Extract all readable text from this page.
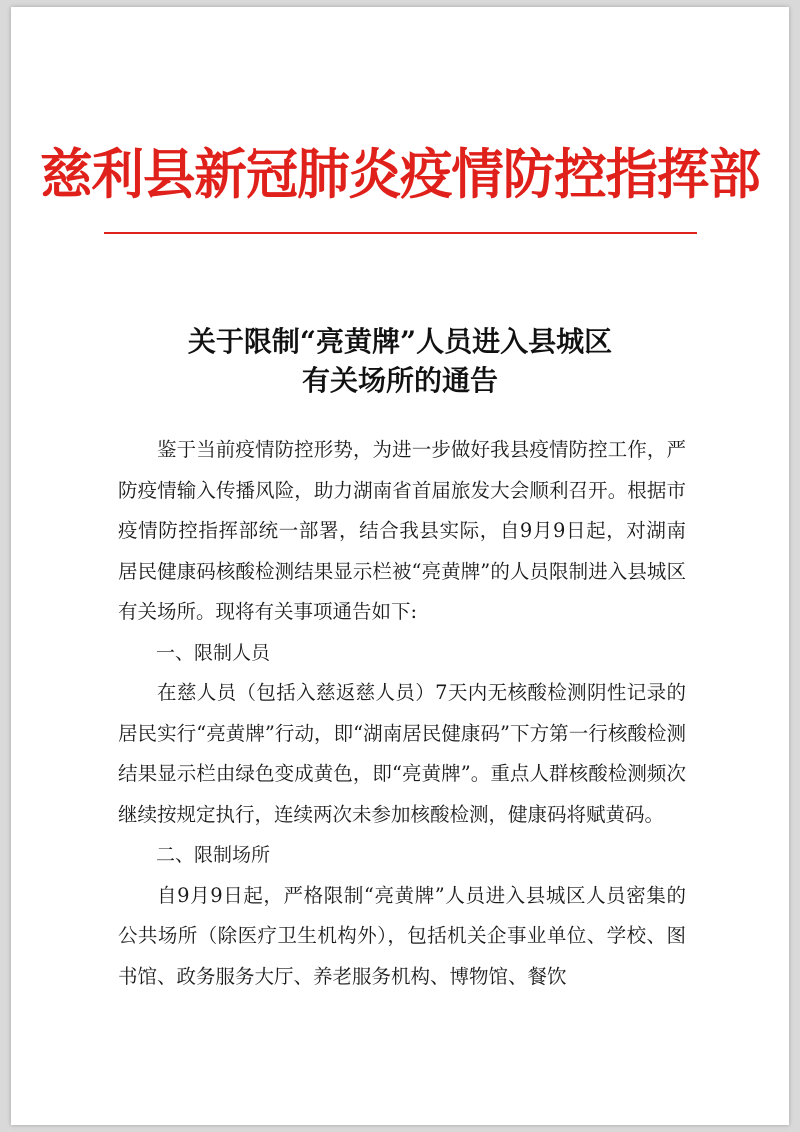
慈利县新冠肺炎疫情防控指挥部
关于限制“亮黄牌”人员进入县城区
有关场所的通告

鉴于当前疫情防控形势，为进一步做好我县疫情防控工作，严防疫情输入传播风险，助力湖南省首届旅发大会顺利召开。根据市疫情防控指挥部统一部署，结合我县实际，自9月9日起，对湖南居民健康码核酸检测结果显示栏被“亮黄牌”的人员限制进入县城区有关场所。现将有关事项通告如下:

一、限制人员

在慈人员（包括入慈返慈人员）7天内无核酸检测阴性记录的居民实行“亮黄牌”行动，即“湖南居民健康码”下方第一行核酸检测结果显示栏由绿色变成黄色，即“亮黄牌”。重点人群核酸检测频次继续按规定执行，连续两次未参加核酸检测，健康码将赋黄码。

二、限制场所

自9月9日起，严格限制“亮黄牌”人员进入县城区人员密集的公共场所（除医疗卫生机构外），包括机关企事业单位、学校、图书馆、政务服务大厅、养老服务机构、博物馆、餐饮
